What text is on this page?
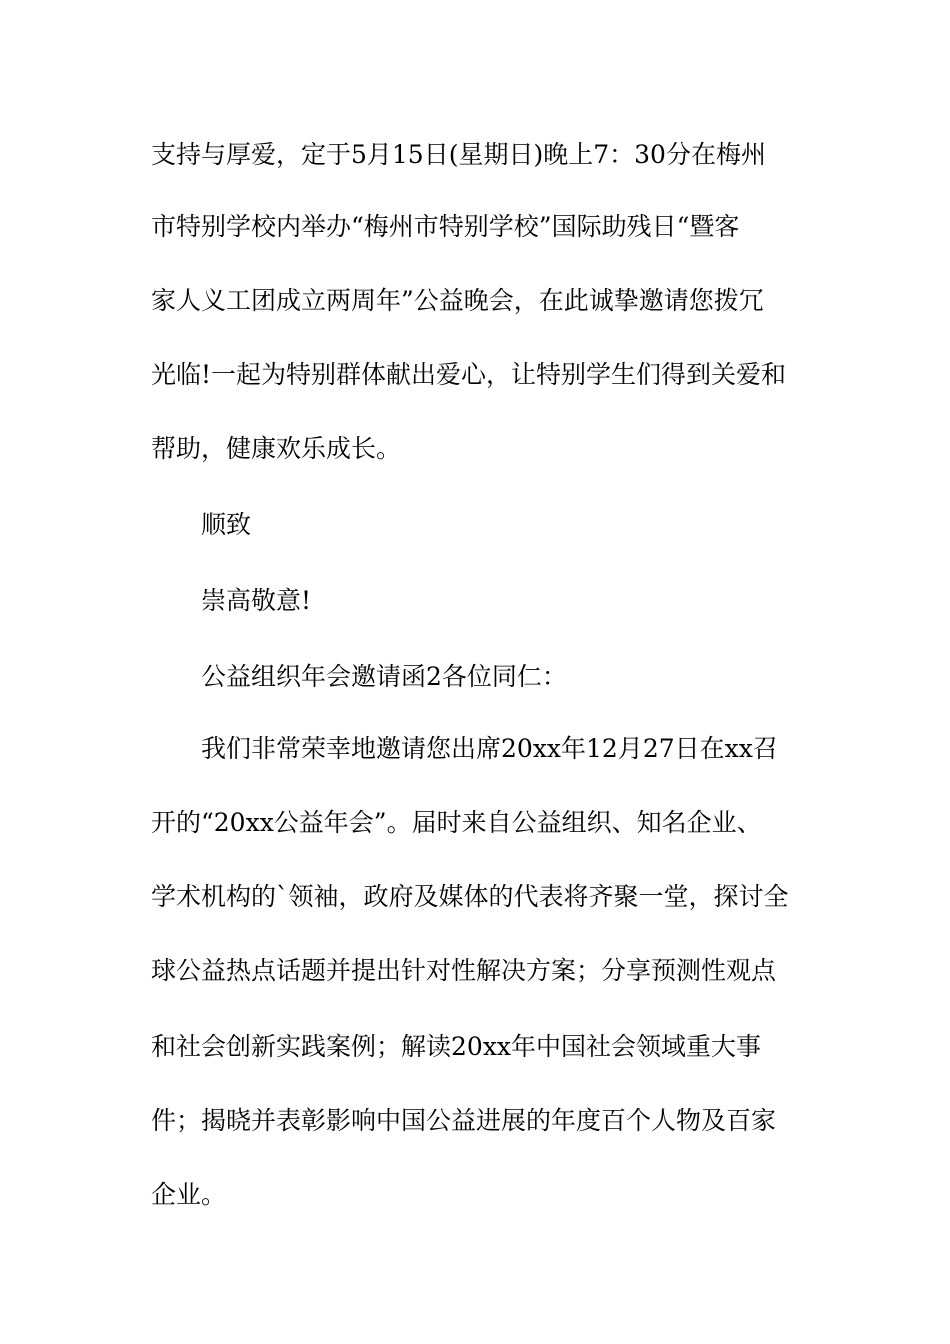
支持与厚爱，定于5月15日(星期日)晚上7：30分在梅州
市特别学校内举办“梅州市特别学校”国际助残日“暨客
家人义工团成立两周年”公益晚会，在此诚挚邀请您拨冗
光临!一起为特别群体献出爱心，让特别学生们得到关爱和
帮助，健康欢乐成长。
顺致
崇高敬意!
公益组织年会邀请函2各位同仁：
我们非常荣幸地邀请您出席20xx年12月27日在xx召
开的“20xx公益年会”。届时来自公益组织、知名企业、
学术机构的`领袖，政府及媒体的代表将齐聚一堂，探讨全
球公益热点话题并提出针对性解决方案；分享预测性观点
和社会创新实践案例；解读20xx年中国社会领域重大事
件；揭晓并表彰影响中国公益进展的年度百个人物及百家
企业。
